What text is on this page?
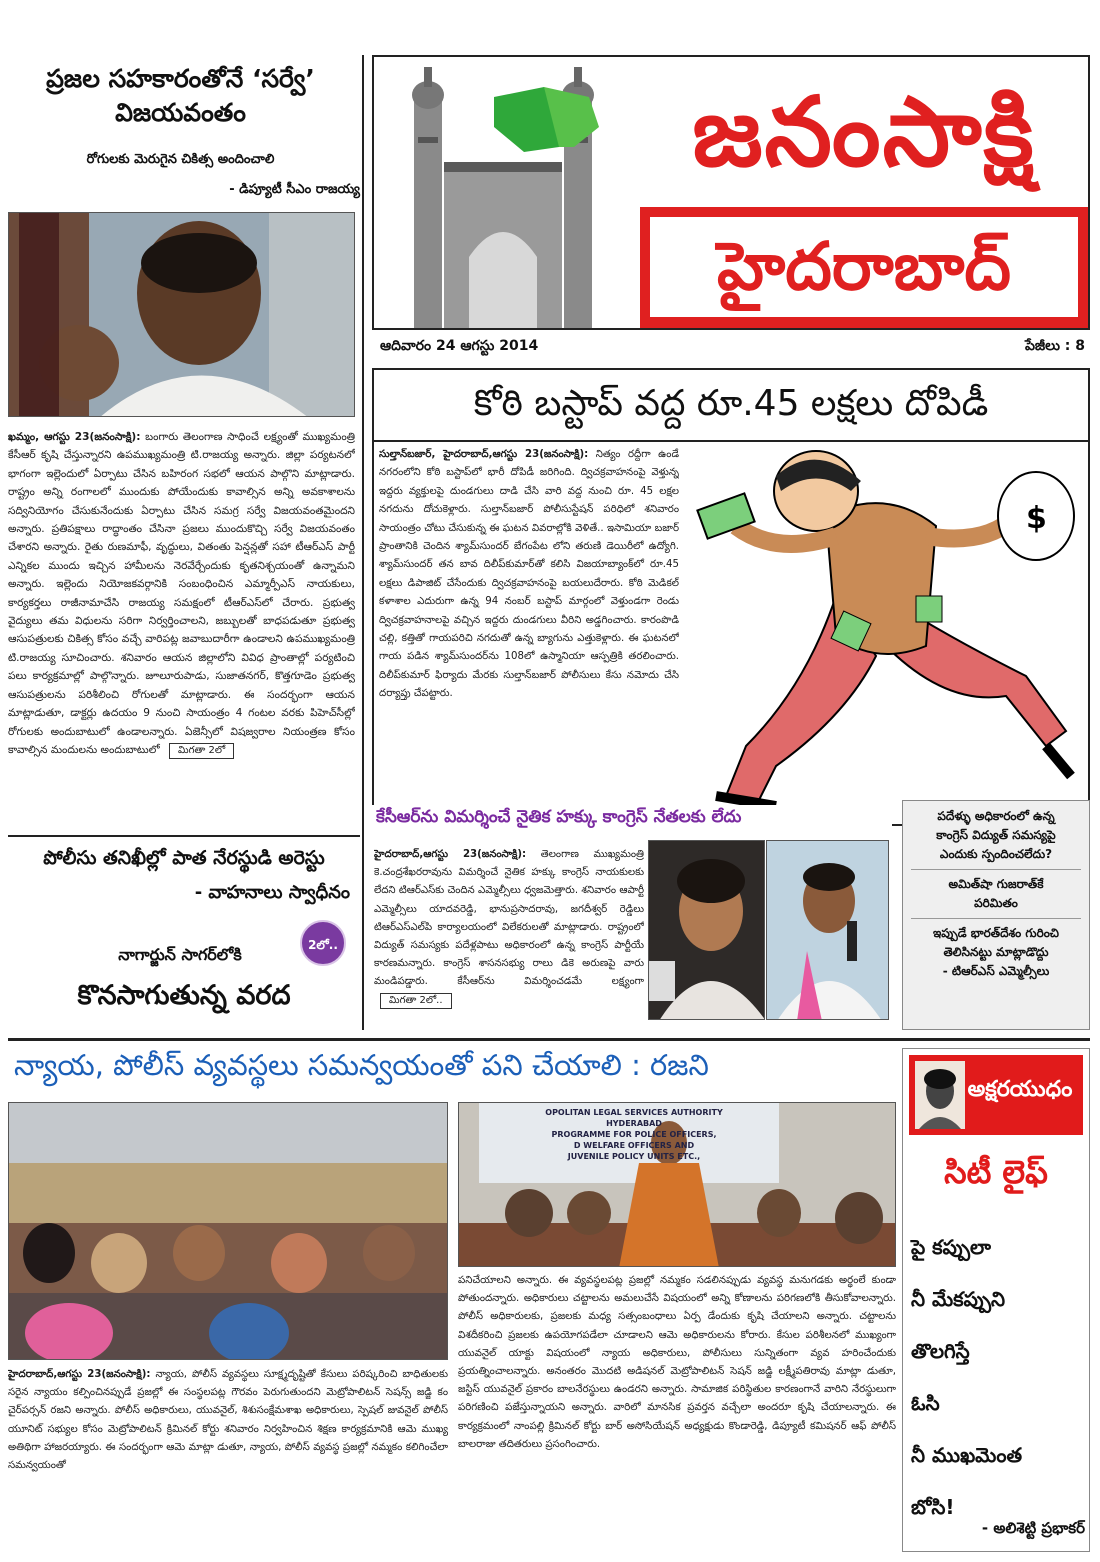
ప్రజల సహకారంతోనే ‘సర్వే’
విజయవంతం
రోగులకు మెరుగైన చికిత్స అందించాలి
- డిప్యూటీ సీఎం రాజయ్య
ఖమ్మం, ఆగస్టు 23(జనంసాక్షి): బంగారు తెలంగాణ సాధించే లక్ష్యంతో ముఖ్యమంత్రి కేసీఆర్ కృషి చేస్తున్నారని ఉపముఖ్యమంత్రి టి.రాజయ్య అన్నారు. జిల్లా పర్యటనలో భాగంగా ఇల్లెందులో ఏర్పాటు చేసిన బహిరంగ సభలో ఆయన పాల్గొని మాట్లాడారు. రాష్ట్రం అన్ని రంగాలలో ముందుకు పోయేందుకు కావాల్సిన అన్ని అవకాశాలను సద్వినియోగం చేసుకునేందుకు ఏర్పాటు చేసిన సమగ్ర సర్వే విజయవంతమైందని అన్నారు. ప్రతిపక్షాలు రాద్ధాంతం చేసినా ప్రజలు ముందుకొచ్చి సర్వే విజయవంతం చేశారని అన్నారు. రైతు రుణమాఫీ, వృద్ధులు, వితంతు పెన్షన్లతో సహా టీఆర్ఎస్ పార్టీ ఎన్నికల ముందు ఇచ్చిన హామీలను నెరవేర్చేందుకు కృతనిశ్చయంతో ఉన్నామని అన్నారు. ఇల్లెందు నియోజకవర్గానికి సంబంధించిన ఎమ్మార్పీఎస్ నాయకులు, కార్యకర్తలు రాజీనామాచేసి రాజయ్య సమక్షంలో టీఆర్ఎస్‌లో చేరారు. ప్రభుత్వ వైద్యులు తమ విధులను సరిగా నిర్వర్తించాలని, జబ్బులతో బాధపడుతూ ప్రభుత్వ ఆసుపత్రులకు చికిత్స కోసం వచ్చే వారిపట్ల జవాబుదారీగా ఉండాలని ఉపముఖ్యమంత్రి టి.రాజయ్య సూచించారు. శనివారం ఆయన జిల్లాలోని వివిధ ప్రాంతాల్లో పర్యటించి పలు కార్యక్రమాల్లో పాల్గొన్నారు. జూలూరుపాడు, సుజాతనగర్, కొత్తగూడెం ప్రభుత్వ ఆసుపత్రులను పరిశీలించి రోగులతో మాట్లాడారు. ఈ సందర్భంగా ఆయన మాట్లాడుతూ, డాక్టర్లు ఉదయం 9 నుంచి సాయంత్రం 4 గంటల వరకు పిహెచ్‌సీల్లో రోగులకు అందుబాటులో ఉండాలన్నారు. ఏజెన్సీలో విషజ్వరాల నియంత్రణ కోసం కావాల్సిన మందులను అందుబాటులో మిగతా 2లో
పోలీసు తనిఖీల్లో పాత నేరస్థుడి అరెస్టు
- వాహనాలు స్వాధీనం
2లో..
నాగార్జున్ సాగర్‌లోకి
కొనసాగుతున్న వరద
జనంసాక్షి
హైదరాబాద్
ఆదివారం 24 ఆగస్టు 2014	పేజీలు : 8
కోఠి బస్టాప్ వద్ద రూ.45 లక్షలు దోపిడీ
సుల్తాన్‌బజార్, హైదరాబాద్,ఆగస్టు 23(జనంసాక్షి): నిత్యం రద్దీగా ఉండే నగరంలోని కోఠి బస్టాప్‌లో భారీ దోపిడీ జరిగింది. ద్విచక్రవాహనంపై వెళ్తున్న ఇద్దరు వ్యక్తులపై దుండగులు దాడి చేసి వారి వద్ద నుంచి రూ. 45 లక్షల నగదును దోచుకెళ్లారు. సుల్తాన్‌బజార్ పోలీసుస్టేషన్ పరిధిలో శనివారం సాయంత్రం చోటు చేసుకున్న ఈ ఘటన వివరాల్లోకి వెళితే.. ఇసామియా బజార్ ప్రాంతానికి చెందిన శ్యామ్‌సుందర్ బేగంపేట లోని తరుణి డెయిరీలో ఉద్యోగి. శ్యామ్‌సుందర్ తన బావ దిలీప్‌కుమార్‌తో కలిసి విజయాబ్యాంక్‌లో రూ.45 లక్షలు డిపాజిట్ చేసేందుకు ద్విచక్రవాహనంపై బయలుదేరారు. కోఠి మెడికల్ కళాశాల ఎదురుగా ఉన్న 94 నంబర్ బస్టాప్ మార్గంలో వెళ్తుండగా రెండు ద్విచక్రవాహనాలపై వచ్చిన ఇద్దరు దుండగులు వీరిని అడ్డగించారు. కారంపొడి చల్లి, కత్తితో గాయపరిచి నగదుతో ఉన్న బ్యాగును ఎత్తుకెళ్లారు. ఈ ఘటనలో గాయ పడిన శ్యామ్‌సుందర్‌ను 108లో ఉస్మానియా ఆస్పత్రికి తరలించారు. దిలీప్‌కుమార్ ఫిర్యాదు మేరకు సుల్తాన్‌బజార్ పోలీసులు కేసు నమోదు చేసి దర్యాప్తు చేపట్టారు.
$
కేసీఆర్‌ను విమర్శించే నైతిక హక్కు కాంగ్రెస్ నేతలకు లేదు
హైదరాబాద్,ఆగస్టు 23(జనంసాక్షి): తెలంగాణ ముఖ్యమంత్రి కె.చంద్రశేఖరరావును విమర్శించే నైతిక హక్కు కాంగ్రెస్ నాయకులకు లేదని టిఆర్ఎస్‌కు చెందిన ఎమ్మెల్సీలు ధ్వజమెత్తారు. శనివారం ఆపార్టీ ఎమ్మెల్సీలు యాదవరెడ్డి, భానుప్రసాదరావు, జగదీశ్వర్ రెడ్డిలు టిఆర్ఎస్‌ఎల్‌పి కార్యాలయంలో విలేకరులతో మాట్లాడారు. రాష్ట్రంలో విద్యుత్ సమస్యకు పదేళ్లపాటు అధికారంలో ఉన్న కాంగ్రెస్ పార్టీయే కారణమన్నారు. కాంగ్రెస్ శాసనసభ్యు రాలు డికె అరుణపై వారు మండిపడ్డారు. కేసీఆర్‌ను విమర్శించడమే లక్ష్యంగా మిగతా 2లో..
పదేళ్ళు అధికారంలో ఉన్న
కాంగ్రెస్ విద్యుత్ సమస్యపై
ఎందుకు స్పందించలేదు?
అమిత్‌షా గుజరాత్‌కే
పరిమితం
ఇప్పుడే భారత్‌దేశం గురించి
తెలిసినట్టు మాట్లాడొద్దు
- టిఆర్ఎస్ ఎమ్మెల్సీలు
న్యాయ, పోలీస్ వ్యవస్థలు సమన్వయంతో పని చేయాలి : రజని
OPOLITAN LEGAL SERVICES AUTHORITY
HYDERABAD
PROGRAMME FOR POLICE OFFICERS,
D WELFARE OFFICERS AND
JUVENILE POLICY UNITS ETC.,
హైదరాబాద్,ఆగస్టు 23(జనంసాక్షి): న్యాయ, పోలీస్ వ్యవస్థలు సూక్ష్మదృష్టితో కేసులు పరిష్కరించి బాధితులకు సరైన న్యాయం కల్పించినప్పుడే ప్రజల్లో ఈ సంస్థలపట్ల గౌరవం పెరుగుతుందని మెట్రోపాలిటన్ సెషన్స్ జడ్జి కం చైర్‌పర్సన్ రజని అన్నారు. పోలీస్ అధికారులు, యువనైల్, శిశుసంక్షేమశాఖ అధికారులు, స్పెషల్ జువనైల్ పోలీస్ యూనిట్ సభ్యుల కోసం మెట్రోపాలిటన్ క్రిమినల్ కోర్టు శనివారం నిర్వహించిన శిక్షణ కార్యక్రమానికి ఆమె ముఖ్య అతిథిగా హాజరయ్యారు. ఈ సందర్భంగా ఆమె మాట్లా డుతూ, న్యాయ, పోలీస్ వ్యవస్థ ప్రజల్లో నమ్మకం కలిగించేలా సమన్వయంతో
పనిచేయాలని అన్నారు. ఈ వ్యవస్థలపట్ల ప్రజల్లో నమ్మకం సడలినప్పుడు వ్యవస్థ మనుగడకు అర్థంలే కుండా పోతుందన్నారు. అధికారులు చట్టాలను అమలుచేసే విషయంలో అన్ని కోణాలను పరిగణలోకి తీసుకోవాలన్నారు. పోలీస్ అధికారులకు, ప్రజలకు మధ్య సత్సంబంధాలు ఏర్ప డేందుకు కృషి చేయాలని అన్నారు. చట్టాలను విశదీకరించి ప్రజలకు ఉపయోగపడేలా చూడాలని ఆమె అధికారులను కోరారు. కేసుల పరిశీలనలో ముఖ్యంగా యువనైల్ యాక్టు విషయంలో న్యాయ అధికారులు, పోలీసులు సున్నితంగా వ్యవ హరించేందుకు ప్రయత్నించాలన్నారు. అనంతరం మొదటి అడిషనల్ మెట్రోపాలిటన్ సెషన్ జడ్జి లక్ష్మీపతిరావు మాట్లా డుతూ, జస్టిస్ యువనైల్ ప్రకారం బాలనేరస్థులు ఉండరని అన్నారు. సామాజిక పరిస్థితుల కారణంగానే వారిని నేరస్థులుగా పరిగణించి పజేస్తున్నాయని అన్నారు. వారిలో మానసిక ప్రవర్తన వచ్చేలా అందరూ కృషి చేయాలన్నారు. ఈ కార్యక్రమంలో నాంపల్లి క్రిమినల్ కోర్టు బార్ అసోసియేషన్ అధ్యక్షుడు కొండారెడ్డి, డిప్యూటీ కమిషనర్ ఆఫ్ పోలీస్ బాలరాజు తదితరులు ప్రసంగించారు.
అక్షరయుధం
సిటీ లైఫ్
పై కప్పులా
నీ మేకప్పుని
తొలగిస్తే
ఓసి
నీ ముఖమెంత
బోసి!
- అలిశెట్టి ప్రభాకర్
